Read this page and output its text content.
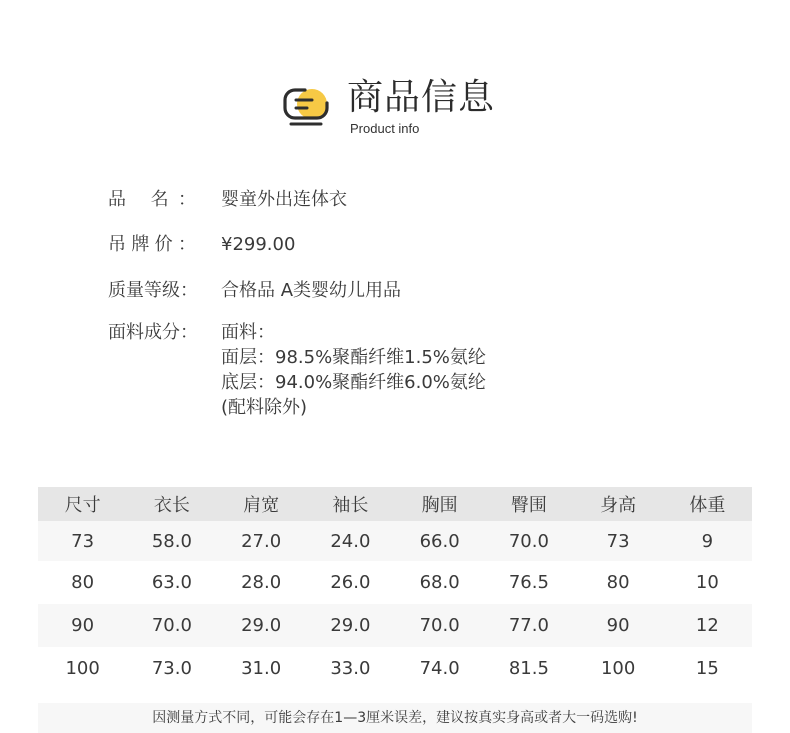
商品信息
Product info
品 名：	婴童外出连体衣
吊牌价：	¥299.00
质量等级：	合格品 A类婴幼儿用品
面料成分：	面料：
面层：98.5%聚酯纤维1.5%氨纶
底层：94.0%聚酯纤维6.0%氨纶
(配料除外)
尺寸	衣长	肩宽	袖长	胸围	臀围	身高	体重
73	58.0	27.0	24.0	66.0	70.0	73	9
80	63.0	28.0	26.0	68.0	76.5	80	10
90	70.0	29.0	29.0	70.0	77.0	90	12
100	73.0	31.0	33.0	74.0	81.5	100	15
因测量方式不同，可能会存在1—3厘米误差，建议按真实身高或者大一码选购!
